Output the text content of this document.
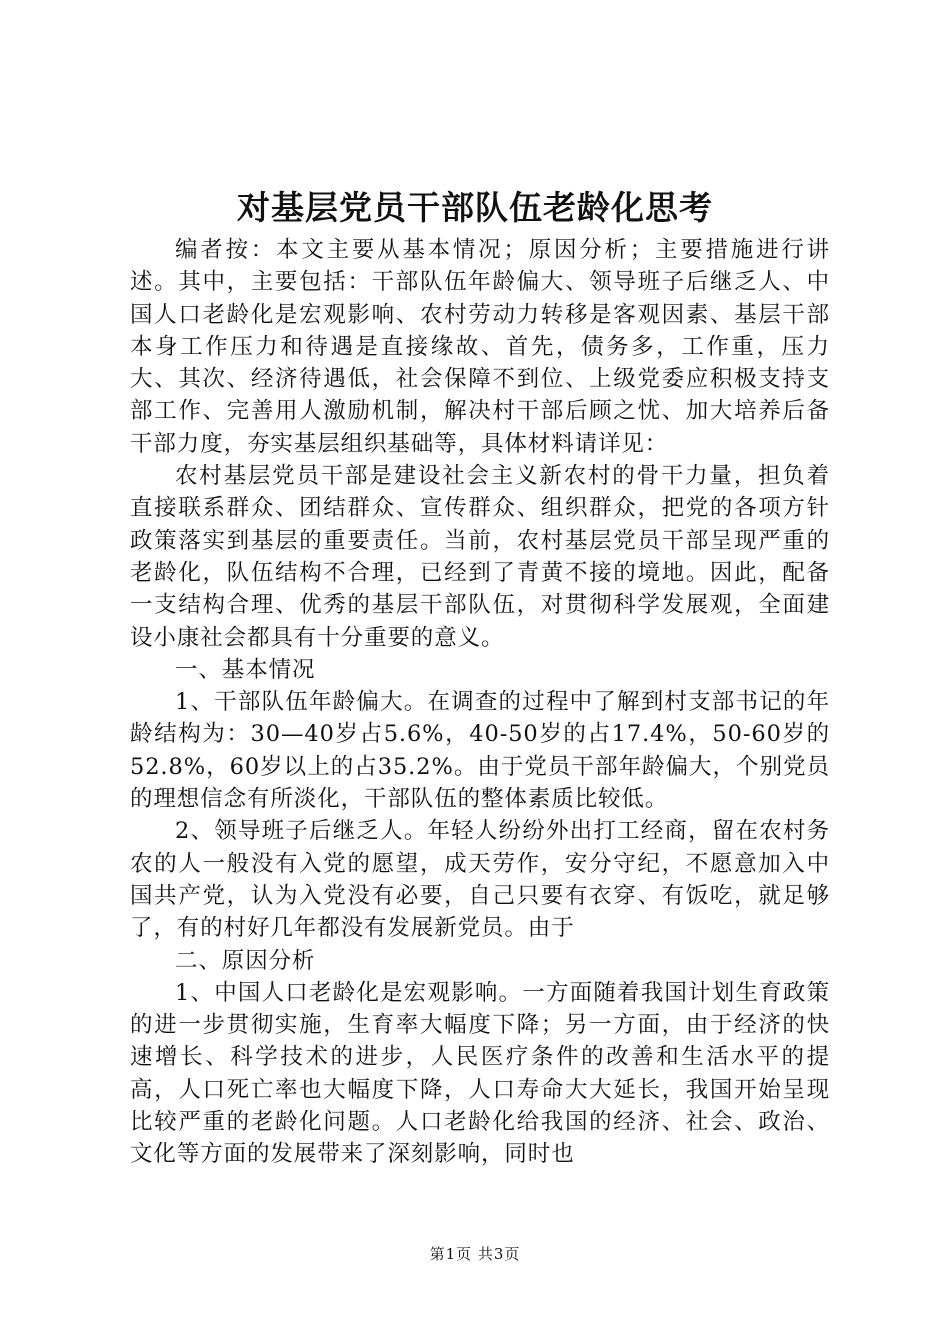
对基层党员干部队伍老龄化思考

编者按：本文主要从基本情况；原因分析；主要措施进行讲述。其中，主要包括：干部队伍年龄偏大、领导班子后继乏人、中国人口老龄化是宏观影响、农村劳动力转移是客观因素、基层干部本身工作压力和待遇是直接缘故、首先，债务多，工作重，压力大、其次、经济待遇低，社会保障不到位、上级党委应积极支持支部工作、完善用人激励机制，解决村干部后顾之忧、加大培养后备干部力度，夯实基层组织基础等，具体材料请详见：

农村基层党员干部是建设社会主义新农村的骨干力量，担负着直接联系群众、团结群众、宣传群众、组织群众，把党的各项方针政策落实到基层的重要责任。当前，农村基层党员干部呈现严重的老龄化，队伍结构不合理，已经到了青黄不接的境地。因此，配备一支结构合理、优秀的基层干部队伍，对贯彻科学发展观，全面建设小康社会都具有十分重要的意义。

一、基本情况

1、干部队伍年龄偏大。在调查的过程中了解到村支部书记的年龄结构为：30—40岁占5.6%，40-50岁的占17.4%，50-60岁的52.8%，60岁以上的占35.2%。由于党员干部年龄偏大，个别党员的理想信念有所淡化，干部队伍的整体素质比较低。

2、领导班子后继乏人。年轻人纷纷外出打工经商，留在农村务农的人一般没有入党的愿望，成天劳作，安分守纪，不愿意加入中国共产党，认为入党没有必要，自己只要有衣穿、有饭吃，就足够了，有的村好几年都没有发展新党员。由于

二、原因分析

1、中国人口老龄化是宏观影响。一方面随着我国计划生育政策的进一步贯彻实施，生育率大幅度下降；另一方面，由于经济的快速增长、科学技术的进步，人民医疗条件的改善和生活水平的提高，人口死亡率也大幅度下降，人口寿命大大延长，我国开始呈现比较严重的老龄化问题。人口老龄化给我国的经济、社会、政治、文化等方面的发展带来了深刻影响，同时也

第1页 共3页
